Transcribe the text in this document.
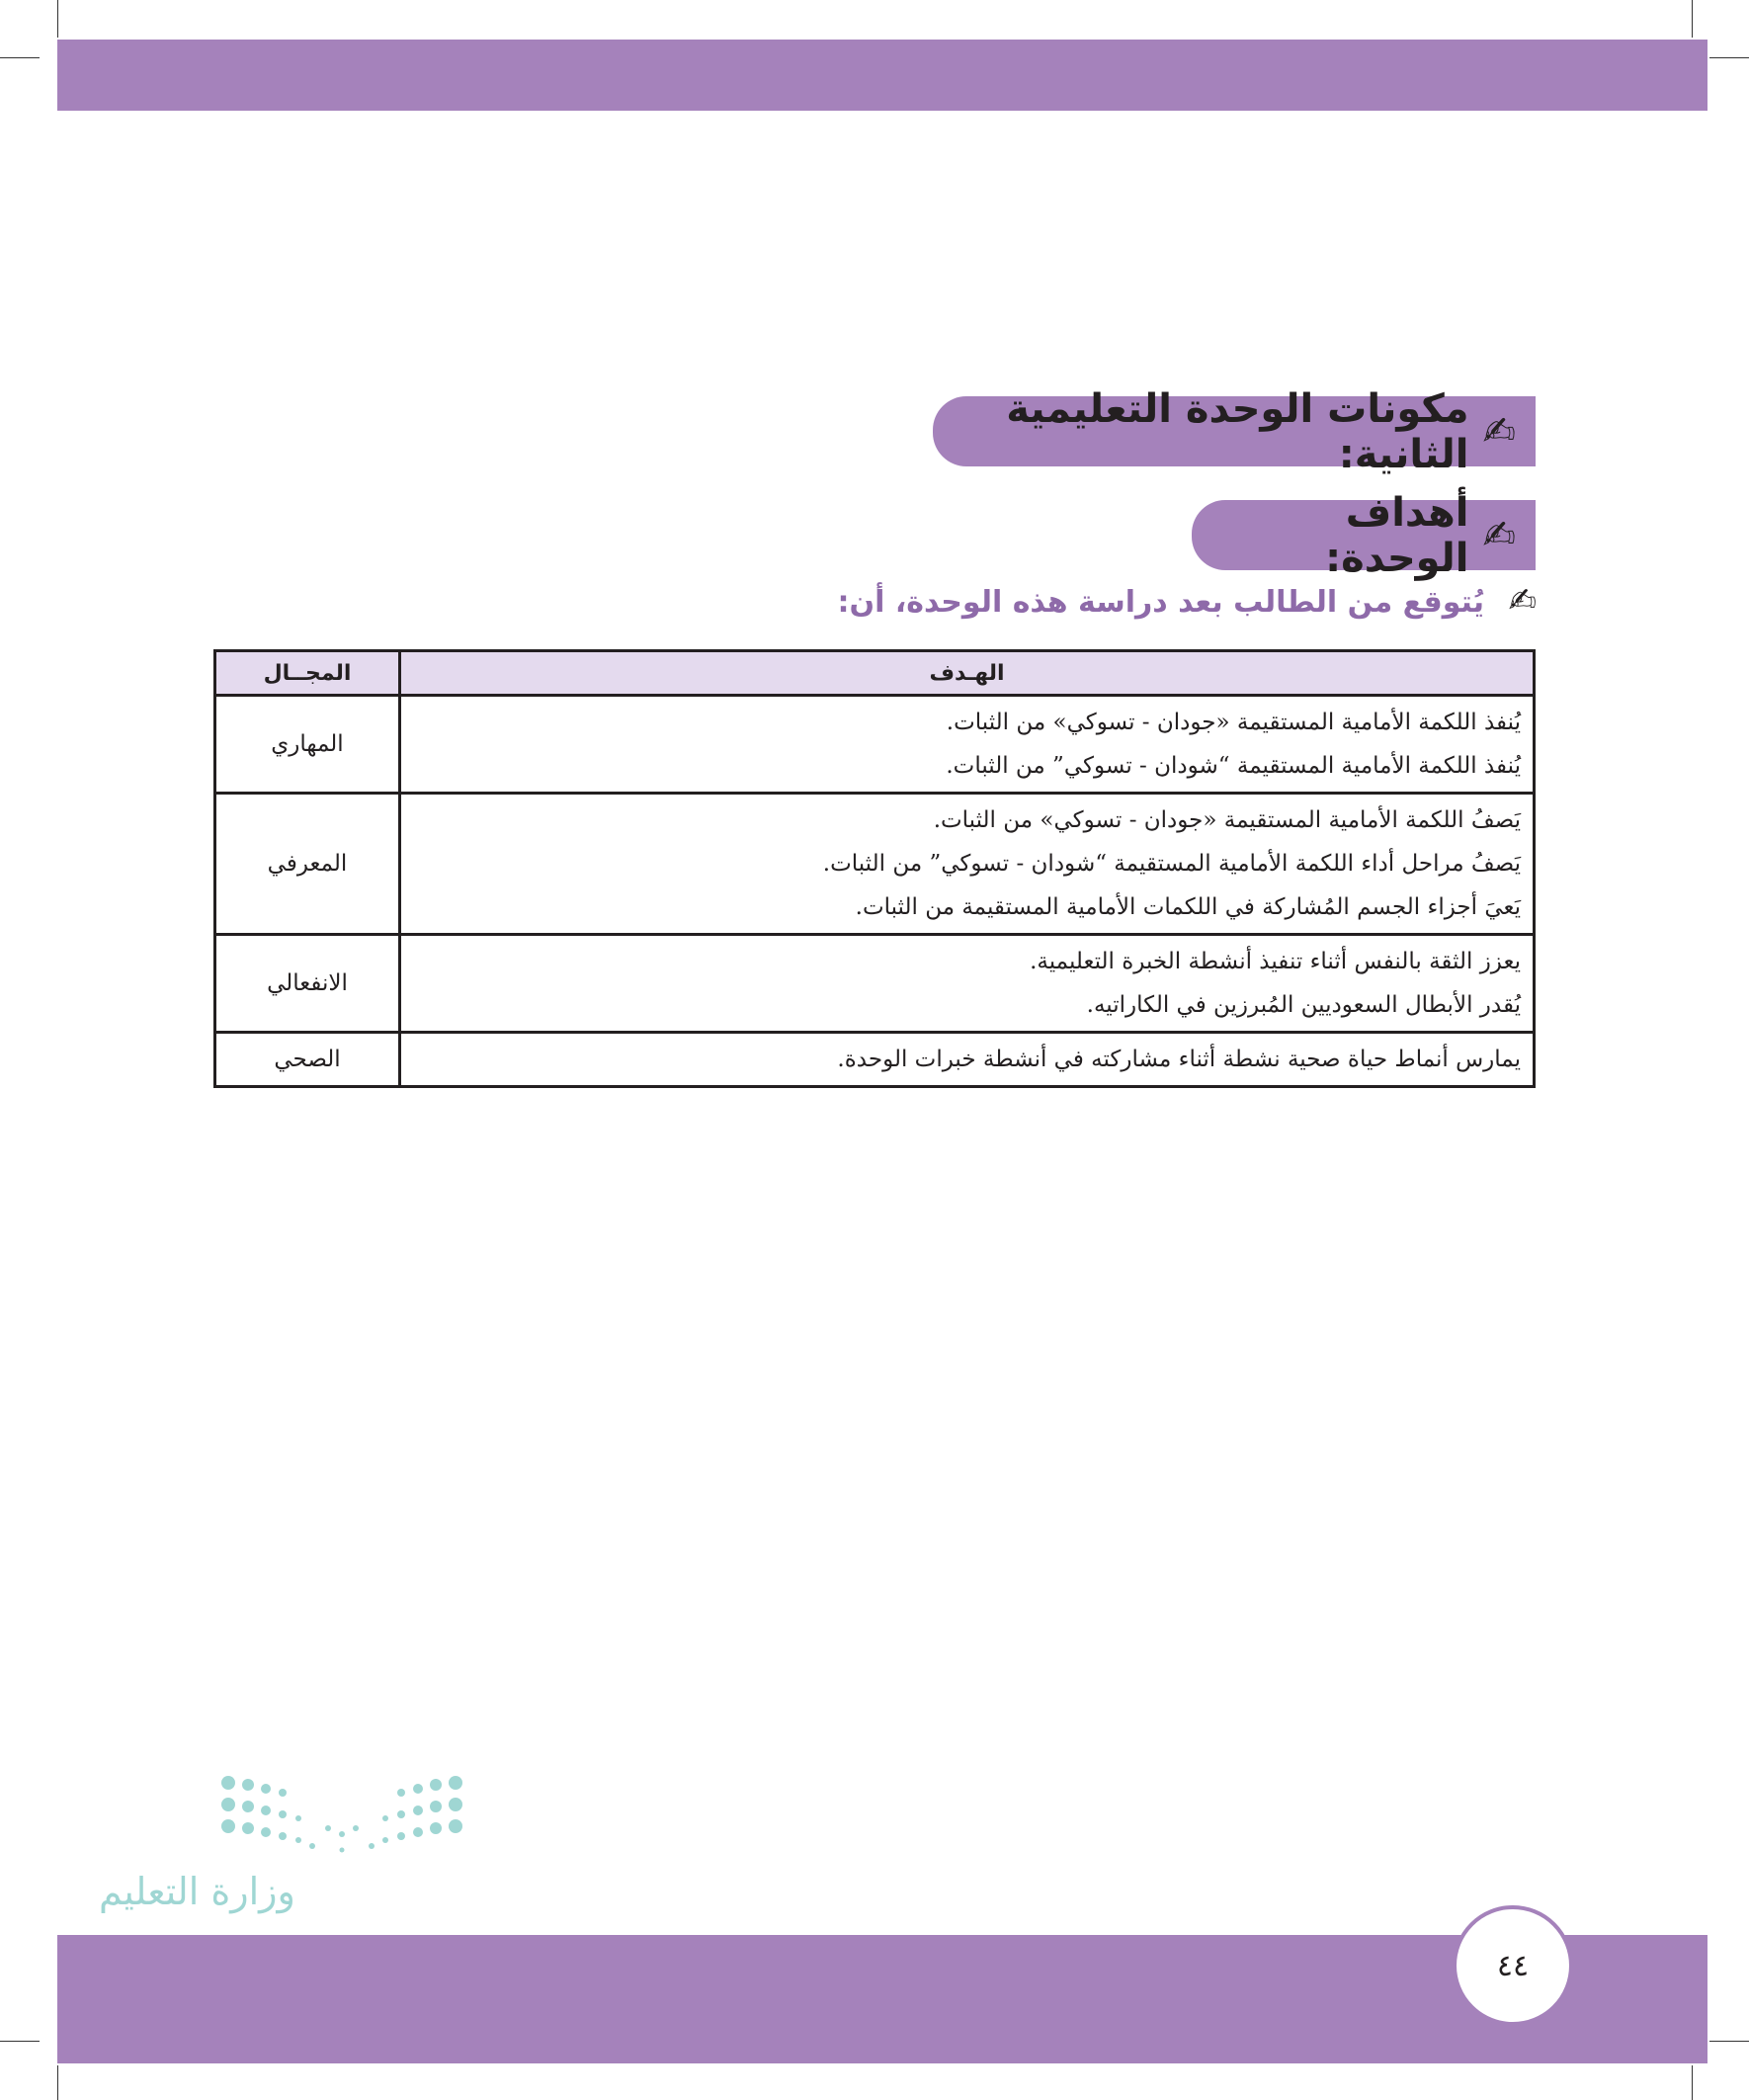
✍
مكونات الوحدة التعليمية الثانية:
✍
أهداف الوحدة:
✍ يُتوقع من الطالب بعد دراسة هذه الوحدة، أن:
الهـدف	المجــال

يُنفذ اللكمة الأمامية المستقيمة «جودان - تسوكي» من الثبات.
يُنفذ اللكمة الأمامية المستقيمة “شودان - تسوكي” من الثبات.	المهاري

يَصفُ اللكمة الأمامية المستقيمة «جودان - تسوكي» من الثبات.
يَصفُ مراحل أداء اللكمة الأمامية المستقيمة “شودان - تسوكي” من الثبات.
يَعيَ أجزاء الجسم المُشاركة في اللكمات الأمامية المستقيمة من الثبات.	المعرفي

يعزز الثقة بالنفس أثناء تنفيذ أنشطة الخبرة التعليمية.
يُقدر الأبطال السعوديين المُبرزين في الكاراتيه.	الانفعالي

يمارس أنماط حياة صحية نشطة أثناء مشاركته في أنشطة خبرات الوحدة.	الصحي
وزارة التعليم
٤٤
